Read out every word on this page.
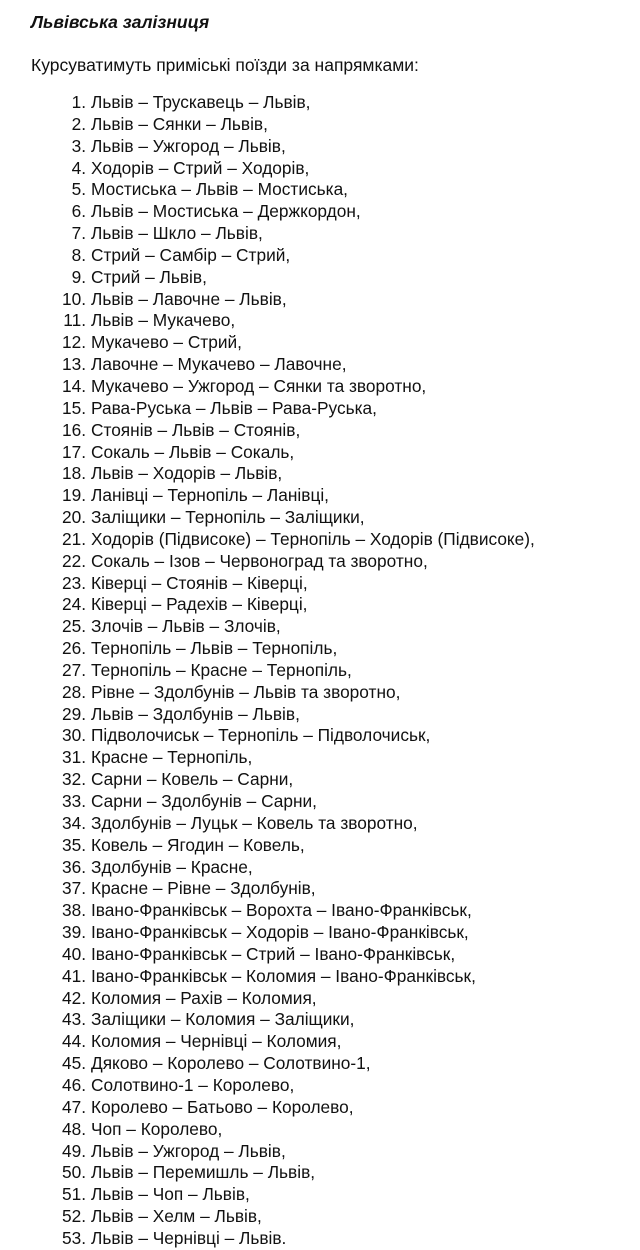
Львівська залізниця

Курсуватимуть приміські поїзди за напрямками:

1. Львів – Трускавець – Львів,
2. Львів – Сянки – Львів,
3. Львів – Ужгород – Львів,
4. Ходорів – Стрий – Ходорів,
5. Мостиська – Львів – Мостиська,
6. Львів – Мостиська – Держкордон,
7. Львів – Шкло – Львів,
8. Стрий – Самбір – Стрий,
9. Стрий – Львів,
10. Львів – Лавочне – Львів,
11. Львів – Мукачево,
12. Мукачево – Стрий,
13. Лавочне – Мукачево – Лавочне,
14. Мукачево – Ужгород – Сянки та зворотно,
15. Рава-Руська – Львів – Рава-Руська,
16. Стоянів – Львів – Стоянів,
17. Сокаль – Львів – Сокаль,
18. Львів – Ходорів – Львів,
19. Ланівці – Тернопіль – Ланівці,
20. Заліщики – Тернопіль – Заліщики,
21. Ходорів (Підвисоке) – Тернопіль – Ходорів (Підвисоке),
22. Сокаль – Ізов – Червоноград та зворотно,
23. Ківерці – Стоянів – Ківерці,
24. Ківерці – Радехів – Ківерці,
25. Злочів – Львів – Злочів,
26. Тернопіль – Львів – Тернопіль,
27. Тернопіль – Красне – Тернопіль,
28. Рівне – Здолбунів – Львів та зворотно,
29. Львів – Здолбунів – Львів,
30. Підволочиськ – Тернопіль – Підволочиськ,
31. Красне – Тернопіль,
32. Сарни – Ковель – Сарни,
33. Сарни – Здолбунів – Сарни,
34. Здолбунів – Луцьк – Ковель та зворотно,
35. Ковель – Ягодин – Ковель,
36. Здолбунів – Красне,
37. Красне – Рівне – Здолбунів,
38. Івано-Франківськ – Ворохта – Івано-Франківськ,
39. Івано-Франківськ – Ходорів – Івано-Франківськ,
40. Івано-Франківськ – Стрий – Івано-Франківськ,
41. Івано-Франківськ – Коломия – Івано-Франківськ,
42. Коломия – Рахів – Коломия,
43. Заліщики – Коломия – Заліщики,
44. Коломия – Чернівці – Коломия,
45. Дяково – Королево – Солотвино-1,
46. Солотвино-1 – Королево,
47. Королево – Батьово – Королево,
48. Чоп – Королево,
49. Львів – Ужгород – Львів,
50. Львів – Перемишль – Львів,
51. Львів – Чоп – Львів,
52. Львів – Хелм – Львів,
53. Львів – Чернівці – Львів.
